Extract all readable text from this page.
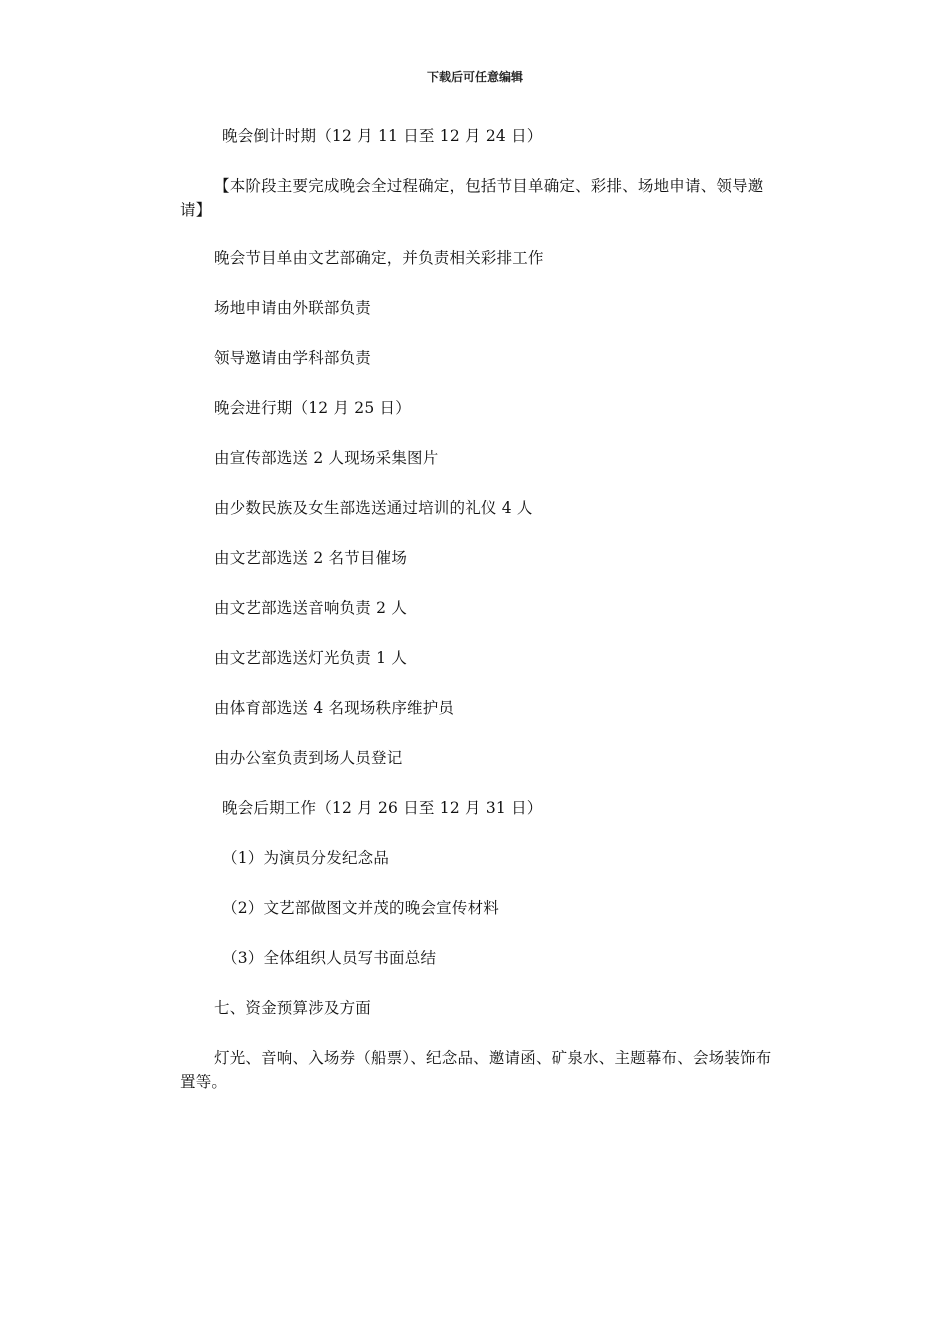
下载后可任意编辑

晚会倒计时期（12 月 11 日至 12 月 24 日）

【本阶段主要完成晚会全过程确定，包括节目单确定、彩排、场地申请、领导邀请】

晚会节目单由文艺部确定，并负责相关彩排工作

场地申请由外联部负责

领导邀请由学科部负责

晚会进行期（12 月 25 日）

由宣传部选送 2 人现场采集图片

由少数民族及女生部选送通过培训的礼仪 4 人

由文艺部选送 2 名节目催场

由文艺部选送音响负责 2 人

由文艺部选送灯光负责 1 人

由体育部选送 4 名现场秩序维护员

由办公室负责到场人员登记

晚会后期工作（12 月 26 日至 12 月 31 日）

（1）为演员分发纪念品

（2）文艺部做图文并茂的晚会宣传材料

（3）全体组织人员写书面总结

七、资金预算涉及方面

灯光、音响、入场券（船票）、纪念品、邀请函、矿泉水、主题幕布、会场装饰布置等。
